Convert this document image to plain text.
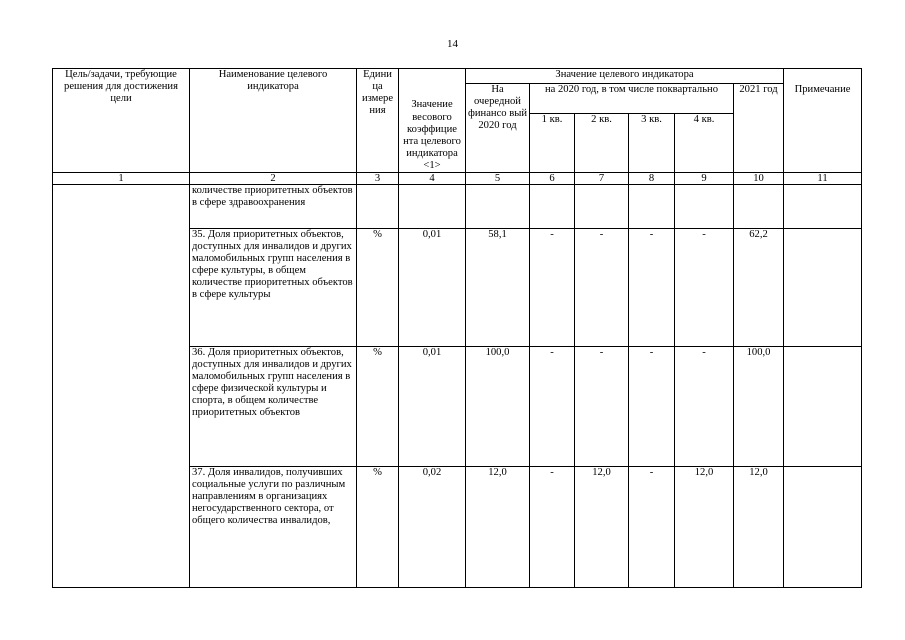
14
Цель/задачи, требующие решения для достижения цели	Наименование целевого индикатора	Едини ца измере ния	Значение весового коэффицие нта целевого индикатора <1>	Значение целевого индикатора						
				На очередной финансо вый 2020 год	на 2020 год, в том числе поквартально				2021 год	Примечание
					1 кв.	2 кв.	3 кв.	4 кв.		
1	2	3	4	5	6	7	8	9	10	11
	количестве приоритетных объектов в сфере здравоохранения									
	35. Доля приоритетных объектов, доступных для инвалидов и других маломобильных групп населения в сфере культуры, в общем количестве приоритетных объектов в сфере культуры	%	0,01	58,1	-	-	-	-	62,2	
	36. Доля приоритетных объектов, доступных для инвалидов и других маломобильных групп населения в сфере физической культуры и спорта, в общем количестве приоритетных объектов	%	0,01	100,0	-	-	-	-	100,0	
	37. Доля инвалидов, получивших социальные услуги по различным направлениям в организациях негосударственного сектора, от общего количества инвалидов,	%	0,02	12,0	-	12,0	-	12,0	12,0	
